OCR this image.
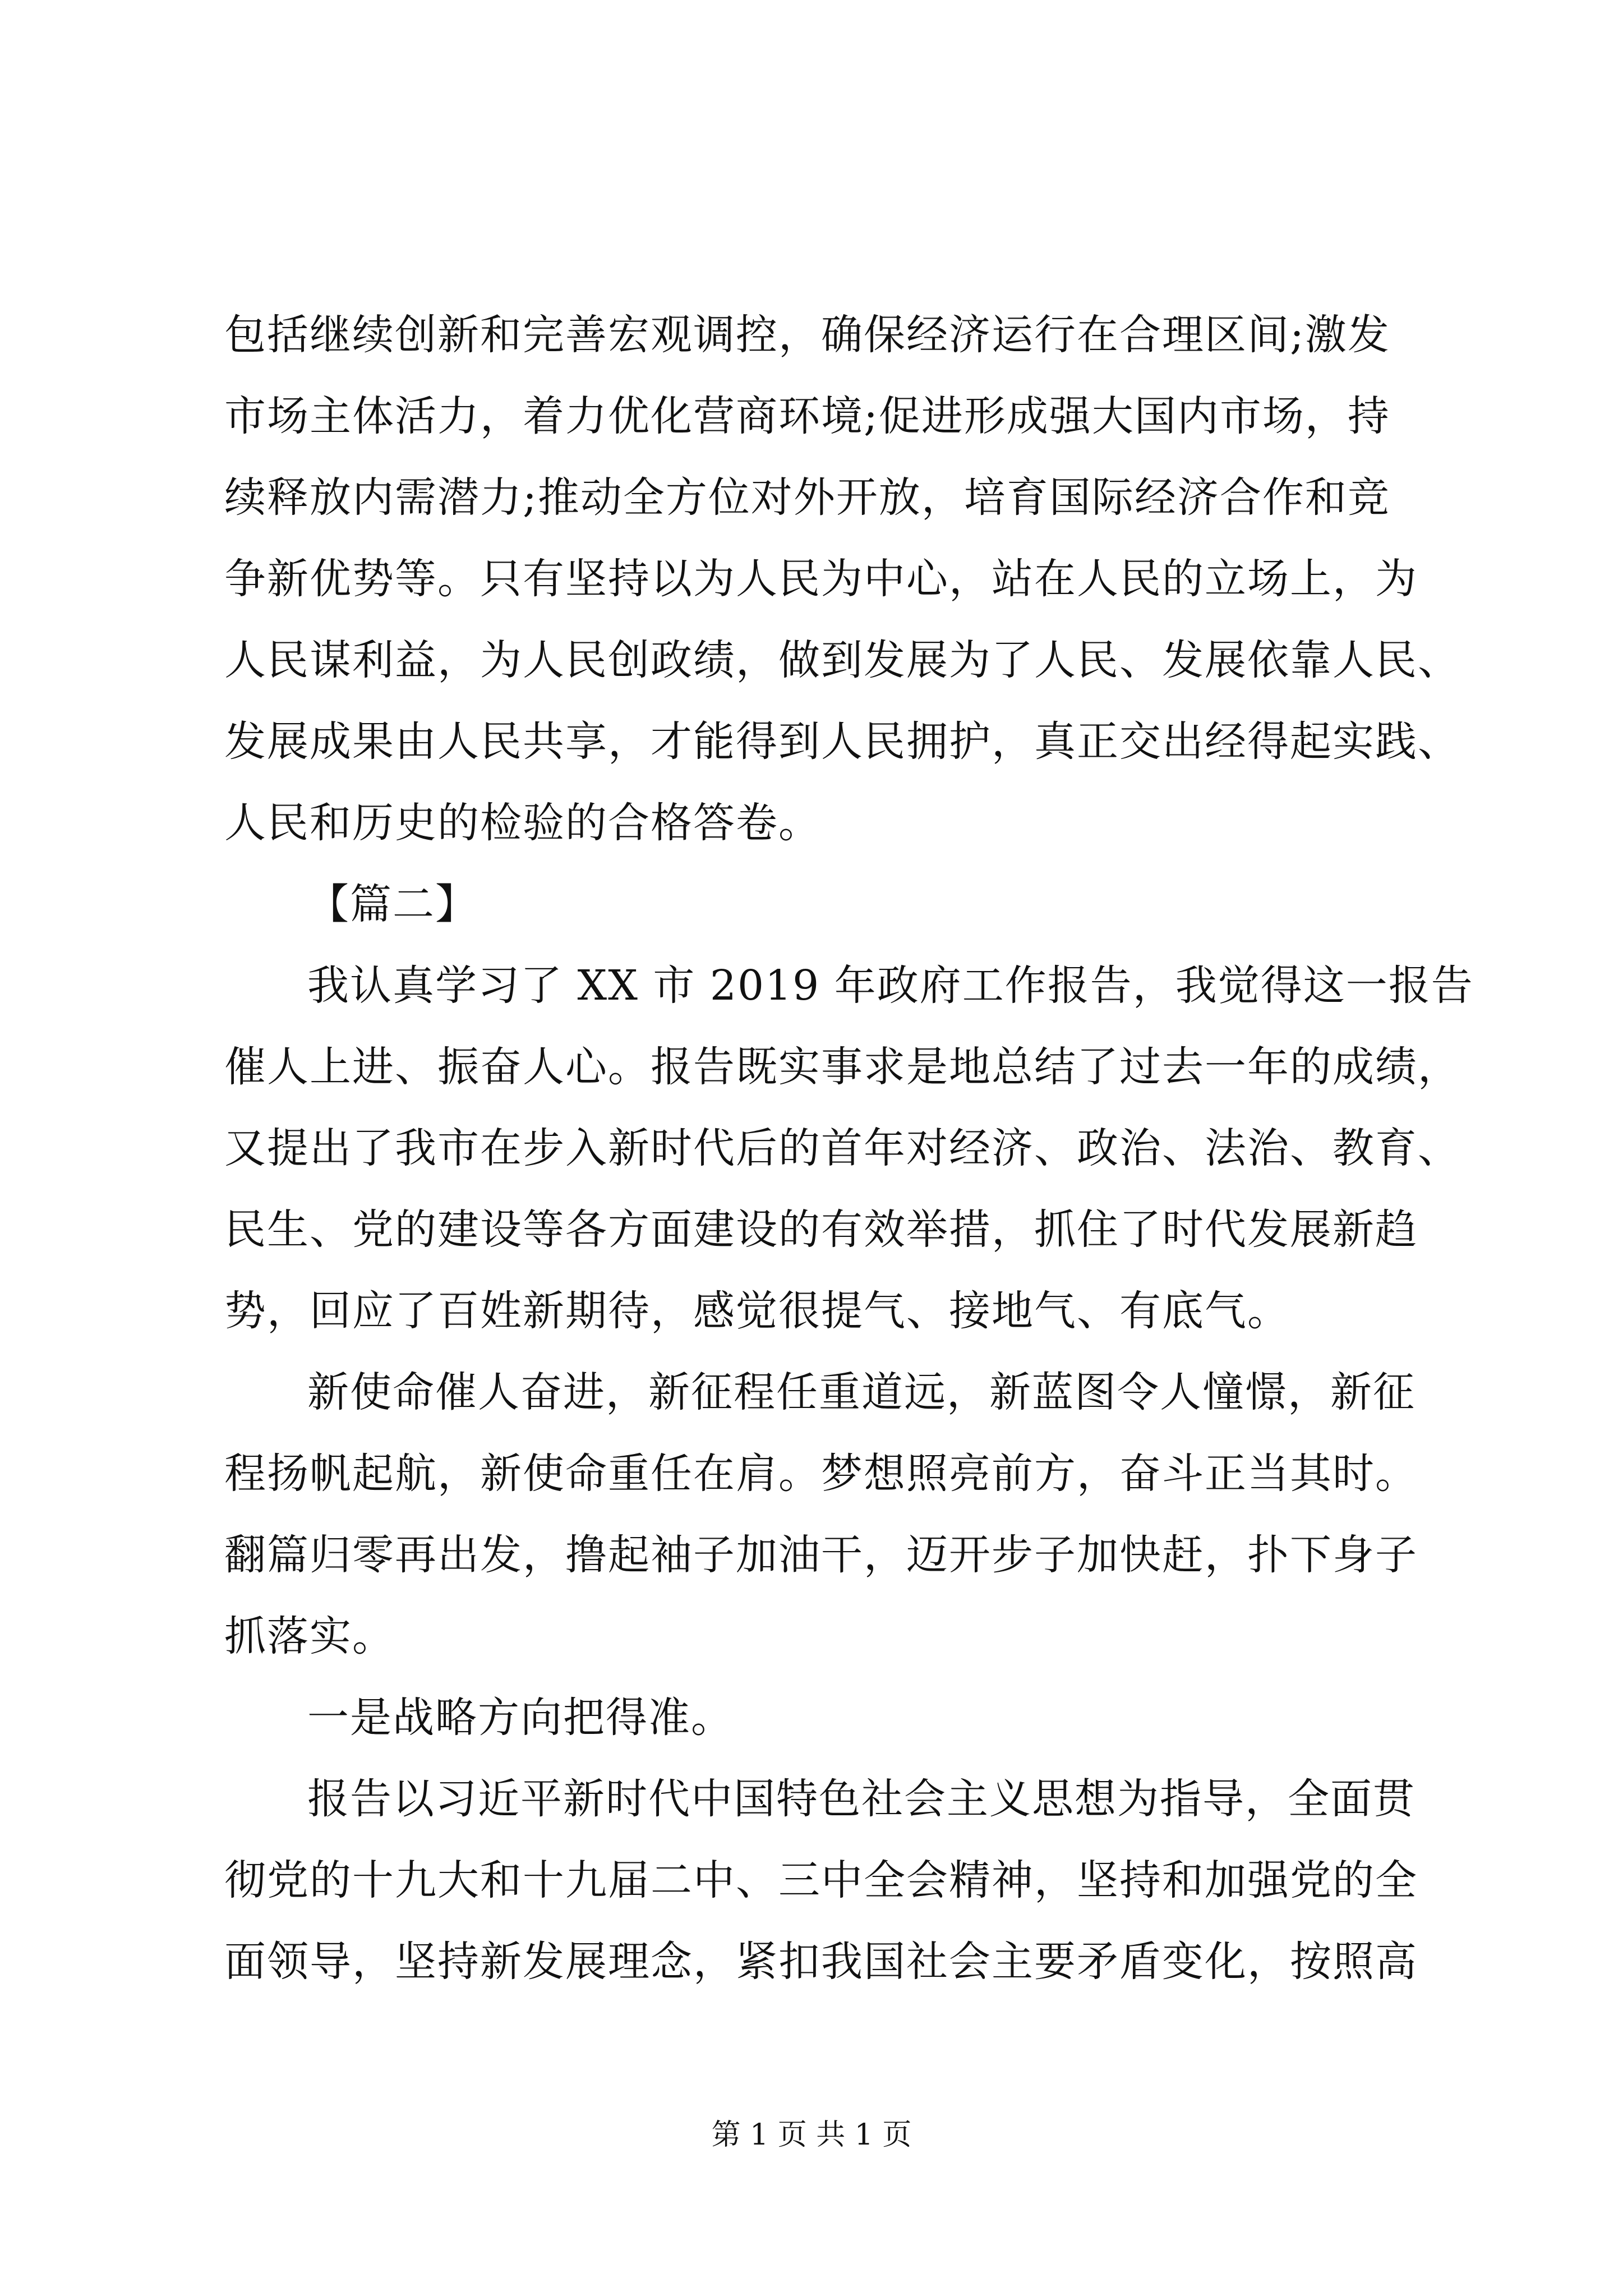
包括继续创新和完善宏观调控，确保经济运行在合理区间;激发
市场主体活力，着力优化营商环境;促进形成强大国内市场，持
续释放内需潜力;推动全方位对外开放，培育国际经济合作和竞
争新优势等。只有坚持以为人民为中心，站在人民的立场上，为
人民谋利益，为人民创政绩，做到发展为了人民、发展依靠人民、
发展成果由人民共享，才能得到人民拥护，真正交出经得起实践、
人民和历史的检验的合格答卷。
【篇二】
我认真学习了 XX 市 2019 年政府工作报告，我觉得这一报告
催人上进、振奋人心。报告既实事求是地总结了过去一年的成绩，
又提出了我市在步入新时代后的首年对经济、政治、法治、教育、
民生、党的建设等各方面建设的有效举措，抓住了时代发展新趋
势，回应了百姓新期待，感觉很提气、接地气、有底气。
新使命催人奋进，新征程任重道远，新蓝图令人憧憬，新征
程扬帆起航，新使命重任在肩。梦想照亮前方，奋斗正当其时。
翻篇归零再出发，撸起袖子加油干，迈开步子加快赶，扑下身子
抓落实。
一是战略方向把得准。
报告以习近平新时代中国特色社会主义思想为指导，全面贯
彻党的十九大和十九届二中、三中全会精神，坚持和加强党的全
面领导，坚持新发展理念，紧扣我国社会主要矛盾变化，按照高
第 1 页 共 1 页
